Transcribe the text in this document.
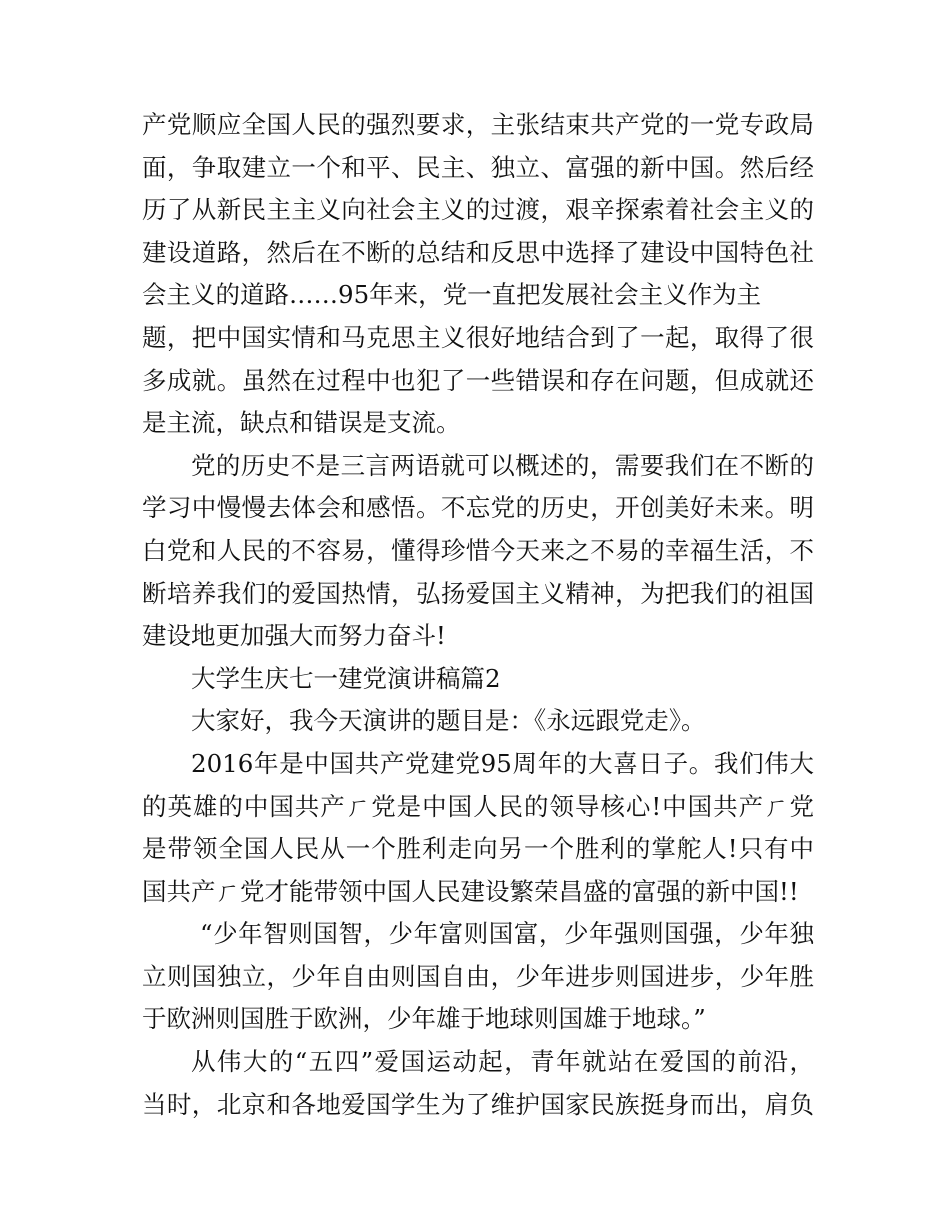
产党顺应全国人民的强烈要求，主张结束共产党的一党专政局
面，争取建立一个和平、民主、独立、富强的新中国。然后经
历了从新民主主义向社会主义的过渡，艰辛探索着社会主义的
建设道路，然后在不断的总结和反思中选择了建设中国特色社
会主义的道路……95年来，党一直把发展社会主义作为主
题，把中国实情和马克思主义很好地结合到了一起，取得了很
多成就。虽然在过程中也犯了一些错误和存在问题，但成就还
是主流，缺点和错误是支流。
党的历史不是三言两语就可以概述的，需要我们在不断的
学习中慢慢去体会和感悟。不忘党的历史，开创美好未来。明
白党和人民的不容易，懂得珍惜今天来之不易的幸福生活，不
断培养我们的爱国热情，弘扬爱国主义精神，为把我们的祖国
建设地更加强大而努力奋斗!
大学生庆七一建党演讲稿篇2
大家好，我今天演讲的题目是：《永远跟党走》。
2016年是中国共产党建党95周年的大喜日子。我们伟大
的英雄的中国共产ㄏ党是中国人民的领导核心!中国共产ㄏ党
是带领全国人民从一个胜利走向另一个胜利的掌舵人!只有中
国共产ㄏ党才能带领中国人民建设繁荣昌盛的富强的新中国!!
“少年智则国智，少年富则国富，少年强则国强，少年独
立则国独立，少年自由则国自由，少年进步则国进步，少年胜
于欧洲则国胜于欧洲，少年雄于地球则国雄于地球。”
从伟大的“五四”爱国运动起，青年就站在爱国的前沿，
当时，北京和各地爱国学生为了维护国家民族挺身而出，肩负
